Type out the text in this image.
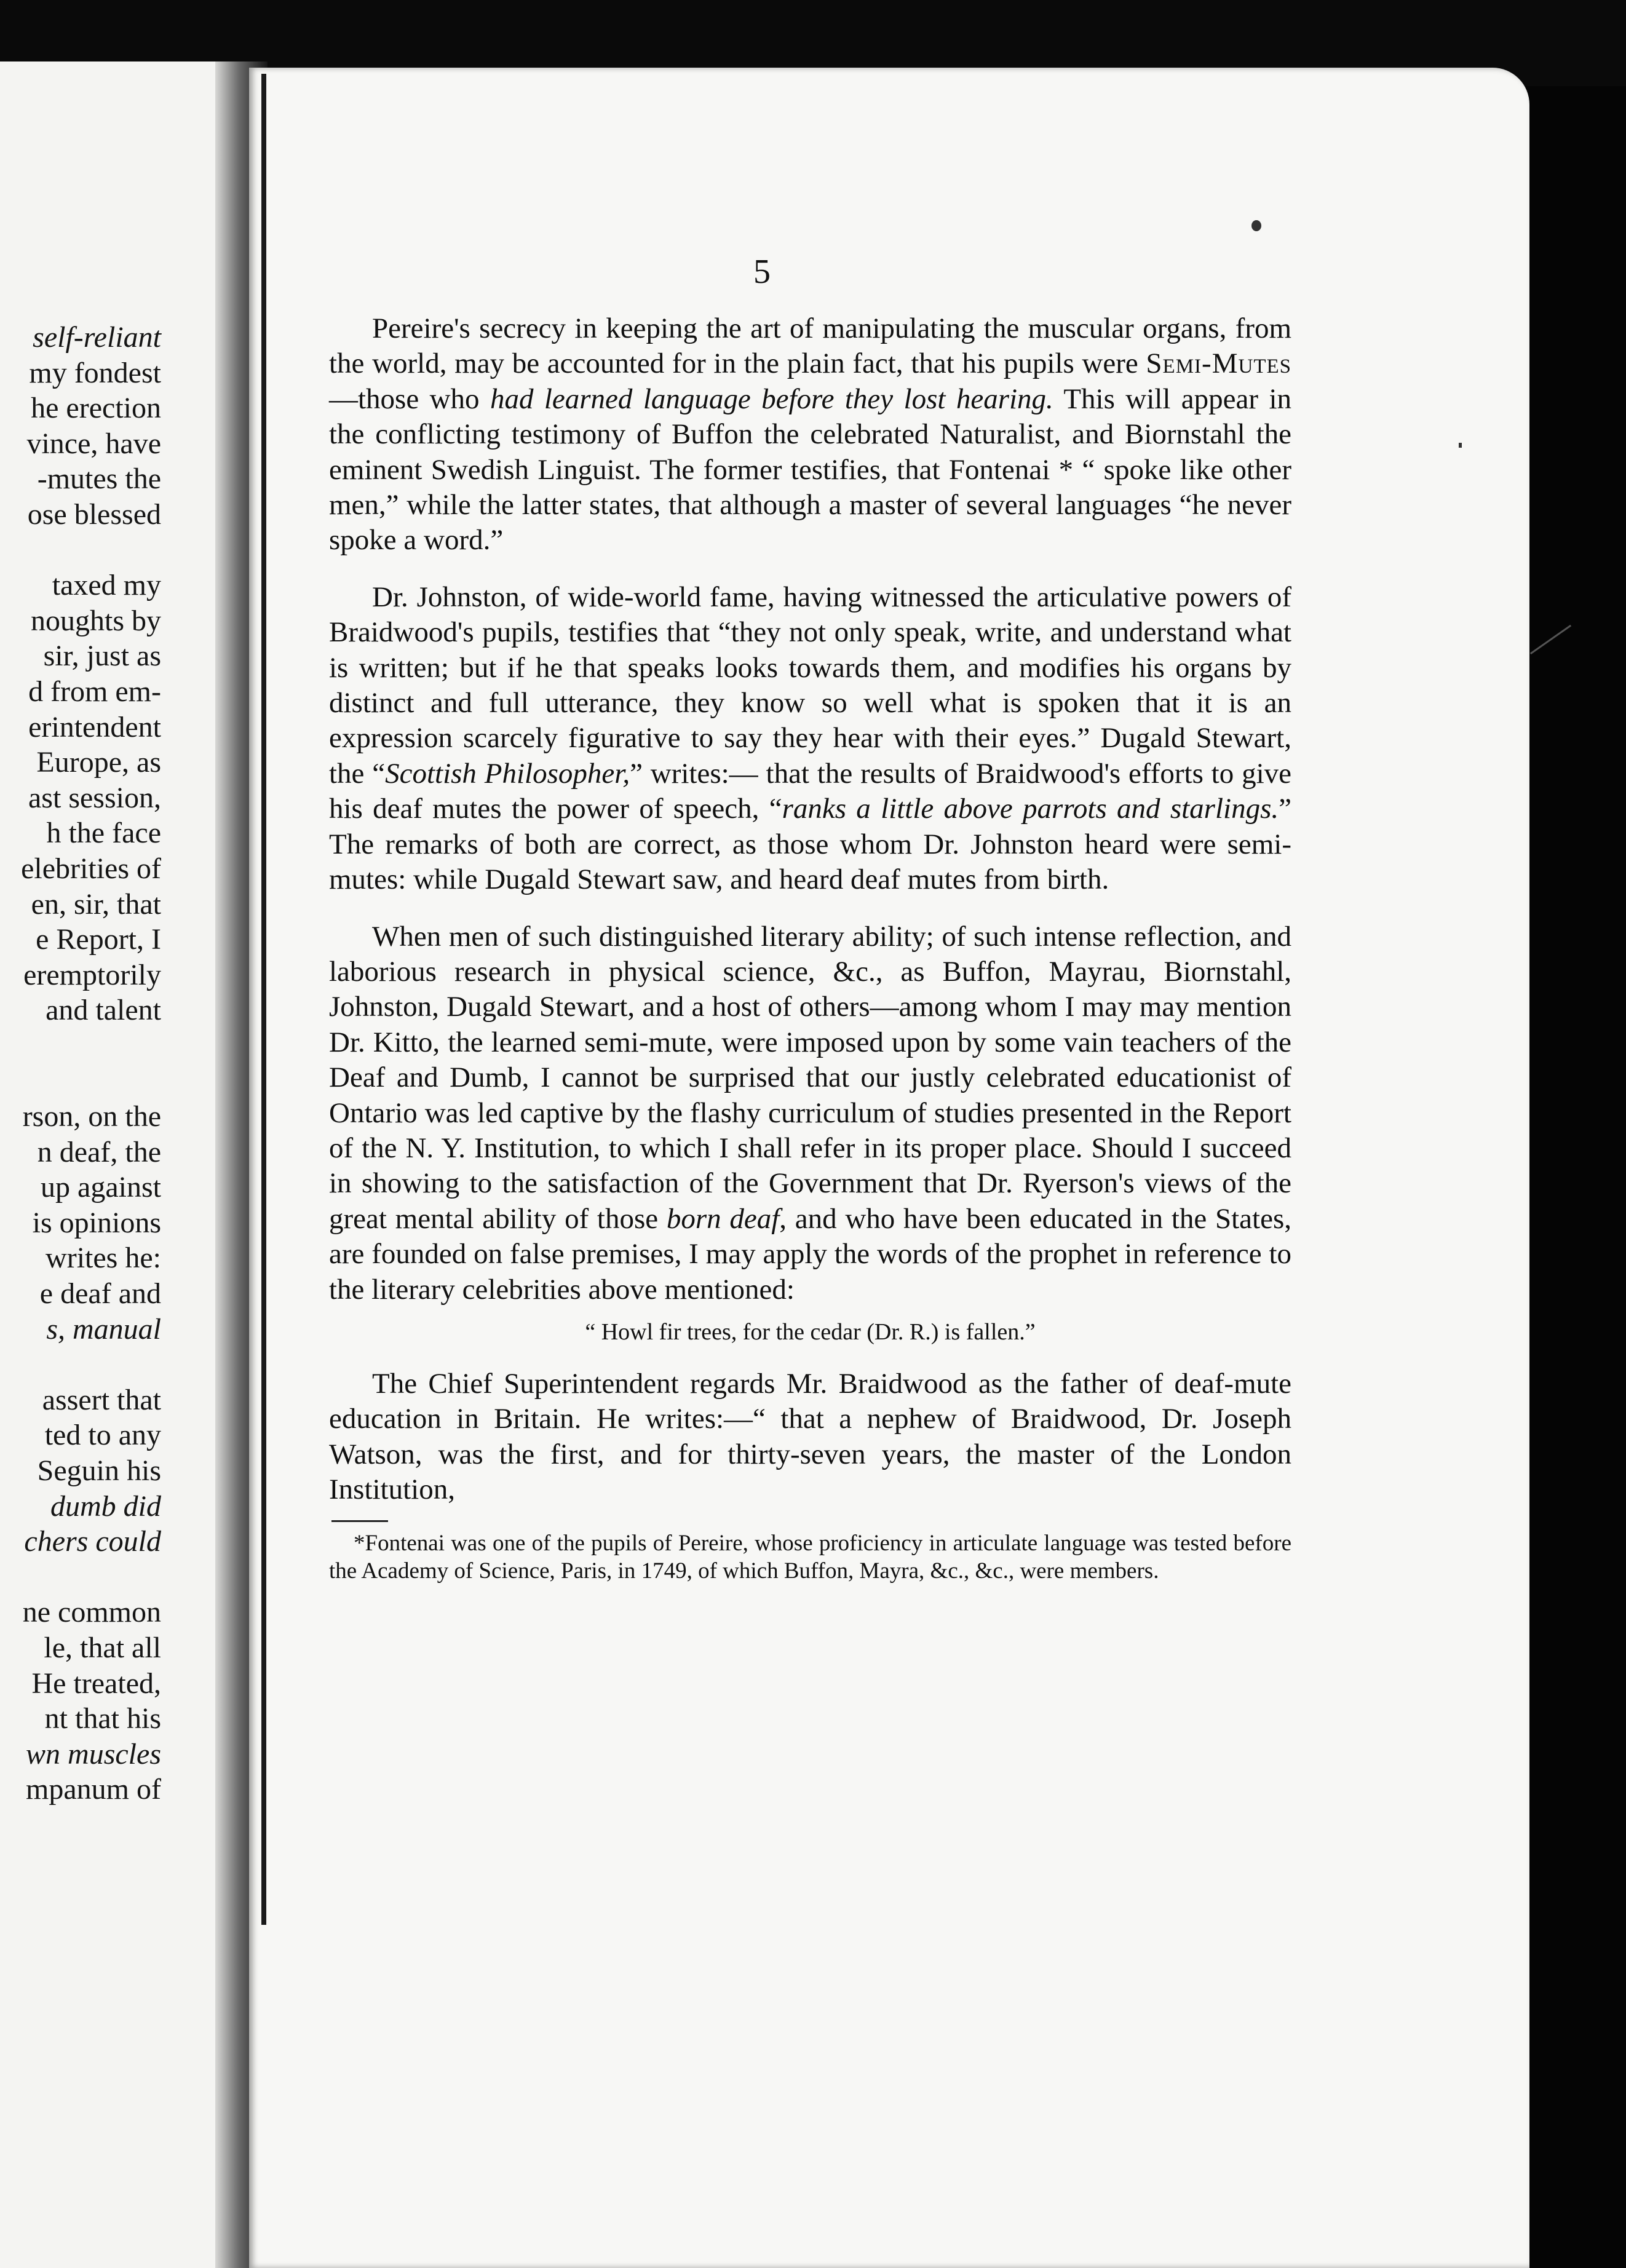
self-reliant
my fondest
he erection
vince, have
-mutes the
ose blessed
taxed my
noughts by
sir, just as
d from em-
erintendent
Europe, as
ast session,
h the face
elebrities of
en, sir, that
e Report, I
eremptorily
and talent
rson, on the
n deaf, the
up against
is opinions
writes he:
e deaf and
s, manual
assert that
ted to any
Seguin his
dumb did
chers could
ne common
le, that all
He treated,
nt that his
wn muscles
mpanum of
5

Pereire's secrecy in keeping the art of manipulating the muscular organs, from the world, may be accounted for in the plain fact, that his pupils were Semi-Mutes—those who had learned language before they lost hearing. This will appear in the conflicting testimony of Buffon the celebrated Naturalist, and Biornstahl the eminent Swedish Linguist. The former testifies, that Fontenai * “ spoke like other men,” while the latter states, that although a master of several languages “he never spoke a word.”

Dr. Johnston, of wide-world fame, having witnessed the articulative powers of Braidwood's pupils, testifies that “they not only speak, write, and understand what is written; but if he that speaks looks towards them, and modifies his organs by distinct and full utterance, they know so well what is spoken that it is an expression scarcely figurative to say they hear with their eyes.” Dugald Stewart, the “Scottish Philosopher,” writes:— that the results of Braidwood's efforts to give his deaf mutes the power of speech, “ranks a little above parrots and starlings.” The remarks of both are correct, as those whom Dr. Johnston heard were semi-mutes: while Dugald Stewart saw, and heard deaf mutes from birth.

When men of such distinguished literary ability; of such intense reflection, and laborious research in physical science, &c., as Buffon, Mayrau, Biornstahl, Johnston, Dugald Stewart, and a host of others—among whom I may may mention Dr. Kitto, the learned semi-mute, were imposed upon by some vain teachers of the Deaf and Dumb, I cannot be surprised that our justly celebrated educationist of Ontario was led captive by the flashy curriculum of studies presented in the Report of the N. Y. Institution, to which I shall refer in its proper place. Should I succeed in showing to the satisfaction of the Government that Dr. Ryerson's views of the great mental ability of those born deaf, and who have been educated in the States, are founded on false premises, I may apply the words of the prophet in reference to the literary celebrities above mentioned:

“ Howl fir trees, for the cedar (Dr. R.) is fallen.”

The Chief Superintendent regards Mr. Braidwood as the father of deaf-mute education in Britain. He writes:—“ that a nephew of Braidwood, Dr. Joseph Watson, was the first, and for thirty-seven years, the master of the London Institution,

*Fontenai was one of the pupils of Pereire, whose proficiency in articulate language was tested before the Academy of Science, Paris, in 1749, of which Buffon, Mayra, &c., &c., were members.
